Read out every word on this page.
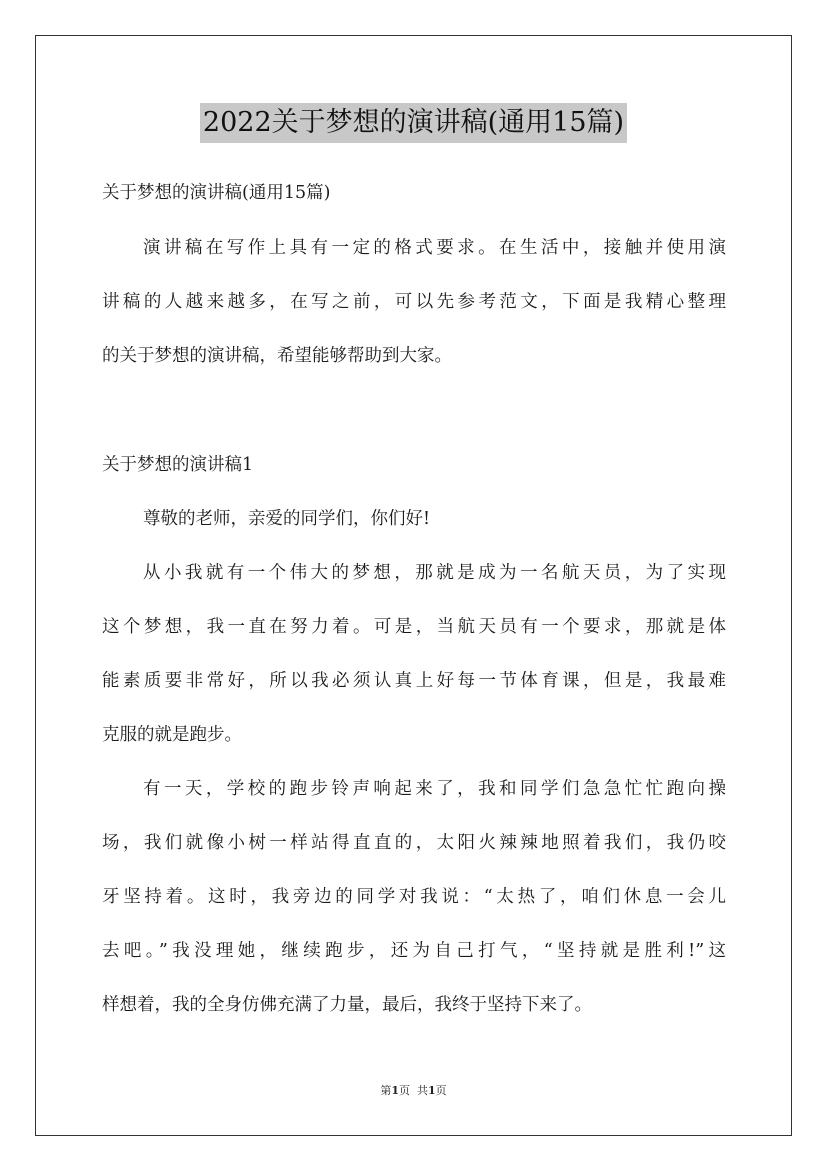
2022关于梦想的演讲稿(通用15篇)
关于梦想的演讲稿(通用15篇)
演讲稿在写作上具有一定的格式要求。在生活中，接触并使用演
讲稿的人越来越多，在写之前，可以先参考范文，下面是我精心整理
的关于梦想的演讲稿，希望能够帮助到大家。
关于梦想的演讲稿1
尊敬的老师，亲爱的同学们，你们好!
从小我就有一个伟大的梦想，那就是成为一名航天员，为了实现
这个梦想，我一直在努力着。可是，当航天员有一个要求，那就是体
能素质要非常好，所以我必须认真上好每一节体育课，但是，我最难
克服的就是跑步。
有一天，学校的跑步铃声响起来了，我和同学们急急忙忙跑向操
场，我们就像小树一样站得直直的，太阳火辣辣地照着我们，我仍咬
牙坚持着。这时，我旁边的同学对我说：“太热了，咱们休息一会儿
去吧。”我没理她，继续跑步，还为自己打气，“坚持就是胜利!”这
样想着，我的全身仿佛充满了力量，最后，我终于坚持下来了。
第1页 共1页
